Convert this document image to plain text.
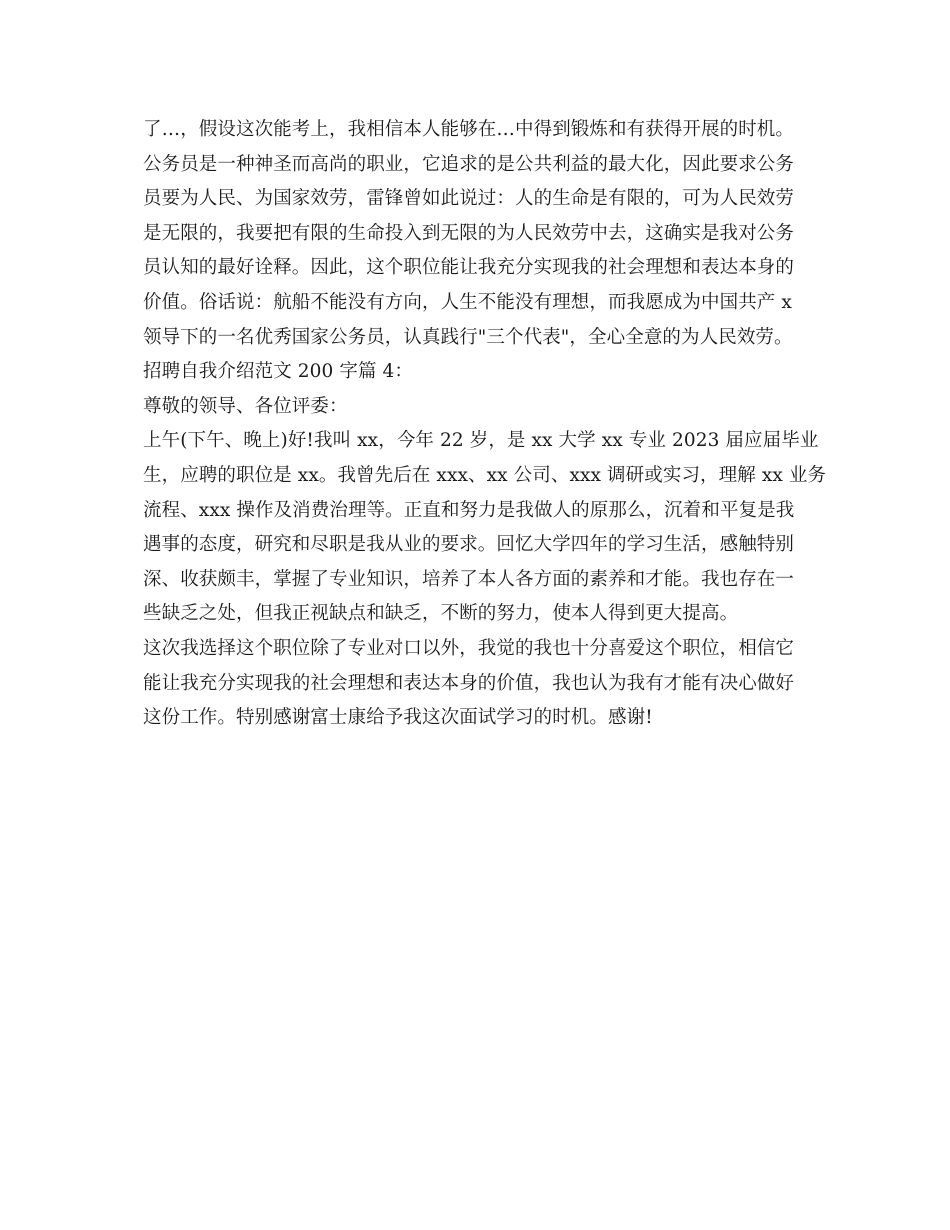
了…，假设这次能考上，我相信本人能够在…中得到锻炼和有获得开展的时机。
公务员是一种神圣而高尚的职业，它追求的是公共利益的最大化，因此要求公务
员要为人民、为国家效劳，雷锋曾如此说过：人的生命是有限的，可为人民效劳
是无限的，我要把有限的生命投入到无限的为人民效劳中去，这确实是我对公务
员认知的最好诠释。因此，这个职位能让我充分实现我的社会理想和表达本身的
价值。俗话说：航船不能没有方向，人生不能没有理想，而我愿成为中国共产 x
领导下的一名优秀国家公务员，认真践行"三个代表"，全心全意的为人民效劳。
招聘自我介绍范文 200 字篇 4：
尊敬的领导、各位评委：
上午(下午、晚上)好!我叫 xx，今年 22 岁，是 xx 大学 xx 专业 2023 届应届毕业
生，应聘的职位是 xx。我曾先后在 xxx、xx 公司、xxx 调研或实习，理解 xx 业务
流程、xxx 操作及消费治理等。正直和努力是我做人的原那么，沉着和平复是我
遇事的态度，研究和尽职是我从业的要求。回忆大学四年的学习生活，感触特别
深、收获颇丰，掌握了专业知识，培养了本人各方面的素养和才能。我也存在一
些缺乏之处，但我正视缺点和缺乏，不断的努力，使本人得到更大提高。
这次我选择这个职位除了专业对口以外，我觉的我也十分喜爱这个职位，相信它
能让我充分实现我的社会理想和表达本身的价值，我也认为我有才能有决心做好
这份工作。特别感谢富士康给予我这次面试学习的时机。感谢!
